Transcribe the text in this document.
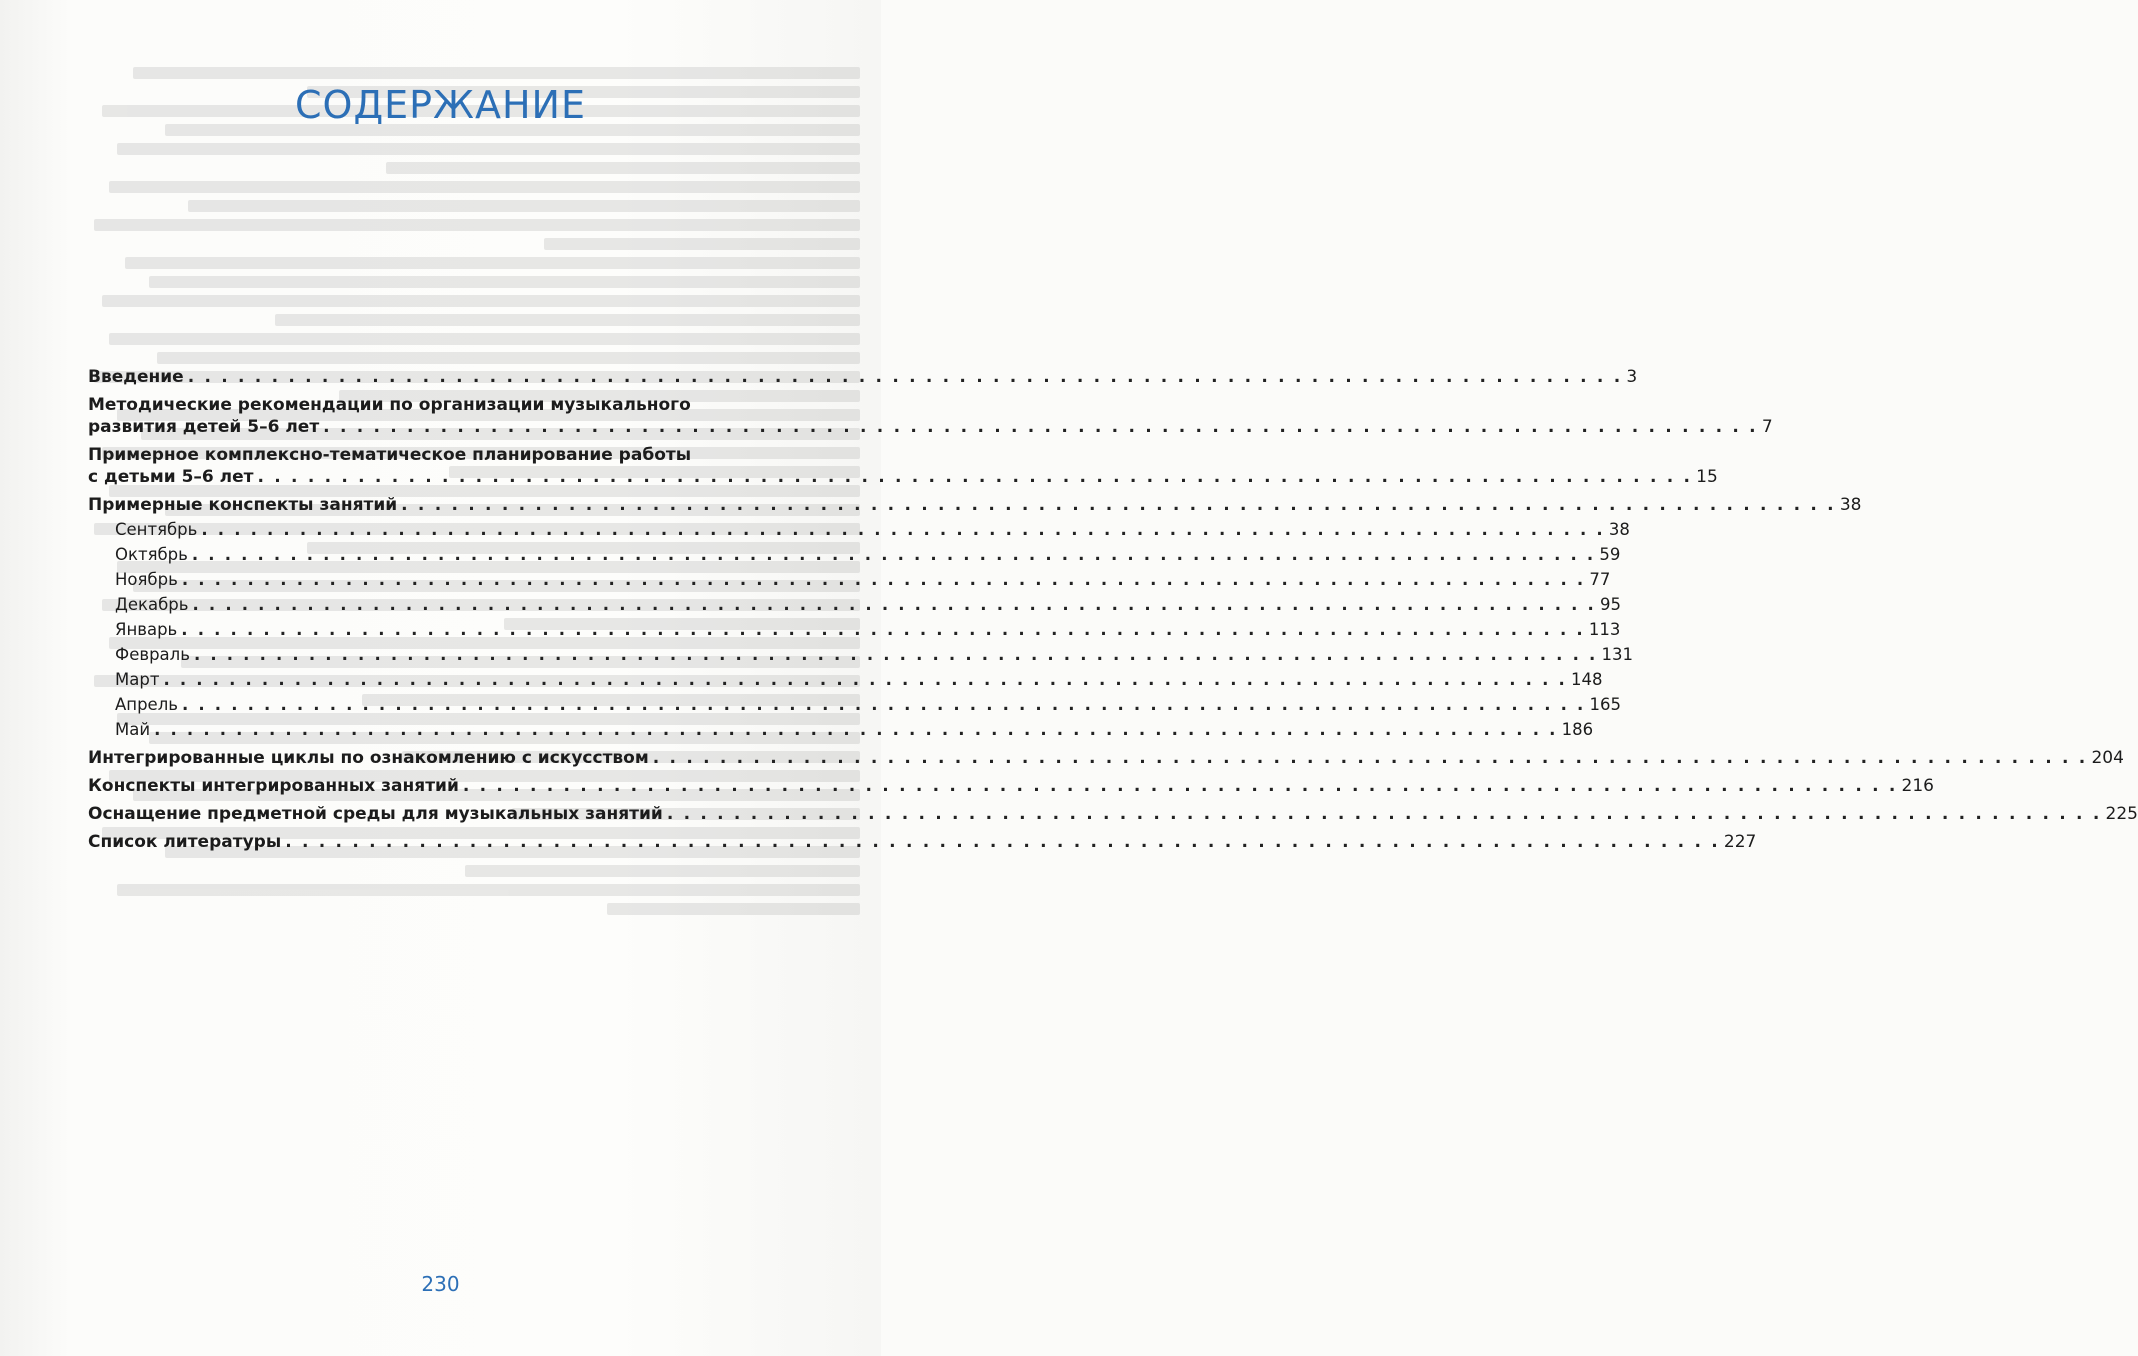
СОДЕРЖАНИЕ
Введение . . . . . . . . . . . . . . . . . . . . . . . . . . . . . . . . . . . . . . . . . . . . . . . . . . . . . . . . . . . . . . . . . . . . . . . . . . . . . . . . . . . . . . 3
Методические рекомендации по организации музыкального
развития детей 5–6 лет . . . . . . . . . . . . . . . . . . . . . . . . . . . . . . . . . . . . . . . . . . . . . . . . . . . . . . . . . . . . . . . . . . . . . . . . . . . . . . . . . . . . . . 7
Примерное комплексно-тематическое планирование работы
с детьми 5–6 лет . . . . . . . . . . . . . . . . . . . . . . . . . . . . . . . . . . . . . . . . . . . . . . . . . . . . . . . . . . . . . . . . . . . . . . . . . . . . . . . . . . . . . . 15
Примерные конспекты занятий . . . . . . . . . . . . . . . . . . . . . . . . . . . . . . . . . . . . . . . . . . . . . . . . . . . . . . . . . . . . . . . . . . . . . . . . . . . . . . . . . . . . . . 38
Сентябрь . . . . . . . . . . . . . . . . . . . . . . . . . . . . . . . . . . . . . . . . . . . . . . . . . . . . . . . . . . . . . . . . . . . . . . . . . . . . . . . . . . . . . . 38
Октябрь . . . . . . . . . . . . . . . . . . . . . . . . . . . . . . . . . . . . . . . . . . . . . . . . . . . . . . . . . . . . . . . . . . . . . . . . . . . . . . . . . . . . . . 59
Ноябрь . . . . . . . . . . . . . . . . . . . . . . . . . . . . . . . . . . . . . . . . . . . . . . . . . . . . . . . . . . . . . . . . . . . . . . . . . . . . . . . . . . . . . . 77
Декабрь . . . . . . . . . . . . . . . . . . . . . . . . . . . . . . . . . . . . . . . . . . . . . . . . . . . . . . . . . . . . . . . . . . . . . . . . . . . . . . . . . . . . . . 95
Январь . . . . . . . . . . . . . . . . . . . . . . . . . . . . . . . . . . . . . . . . . . . . . . . . . . . . . . . . . . . . . . . . . . . . . . . . . . . . . . . . . . . . . . 113
Февраль . . . . . . . . . . . . . . . . . . . . . . . . . . . . . . . . . . . . . . . . . . . . . . . . . . . . . . . . . . . . . . . . . . . . . . . . . . . . . . . . . . . . . . 131
Март . . . . . . . . . . . . . . . . . . . . . . . . . . . . . . . . . . . . . . . . . . . . . . . . . . . . . . . . . . . . . . . . . . . . . . . . . . . . . . . . . . . . . . 148
Апрель . . . . . . . . . . . . . . . . . . . . . . . . . . . . . . . . . . . . . . . . . . . . . . . . . . . . . . . . . . . . . . . . . . . . . . . . . . . . . . . . . . . . . . 165
Май . . . . . . . . . . . . . . . . . . . . . . . . . . . . . . . . . . . . . . . . . . . . . . . . . . . . . . . . . . . . . . . . . . . . . . . . . . . . . . . . . . . . . . 186
Интегрированные циклы по ознакомлению с искусством . . . . . . . . . . . . . . . . . . . . . . . . . . . . . . . . . . . . . . . . . . . . . . . . . . . . . . . . . . . . . . . . . . . . . . . . . . . . . . . . . . . . . . 204
Конспекты интегрированных занятий . . . . . . . . . . . . . . . . . . . . . . . . . . . . . . . . . . . . . . . . . . . . . . . . . . . . . . . . . . . . . . . . . . . . . . . . . . . . . . . . . . . . . . 216
Оснащение предметной среды для музыкальных занятий . . . . . . . . . . . . . . . . . . . . . . . . . . . . . . . . . . . . . . . . . . . . . . . . . . . . . . . . . . . . . . . . . . . . . . . . . . . . . . . . . . . . . . 225
Список литературы . . . . . . . . . . . . . . . . . . . . . . . . . . . . . . . . . . . . . . . . . . . . . . . . . . . . . . . . . . . . . . . . . . . . . . . . . . . . . . . . . . . . . . 227
230
